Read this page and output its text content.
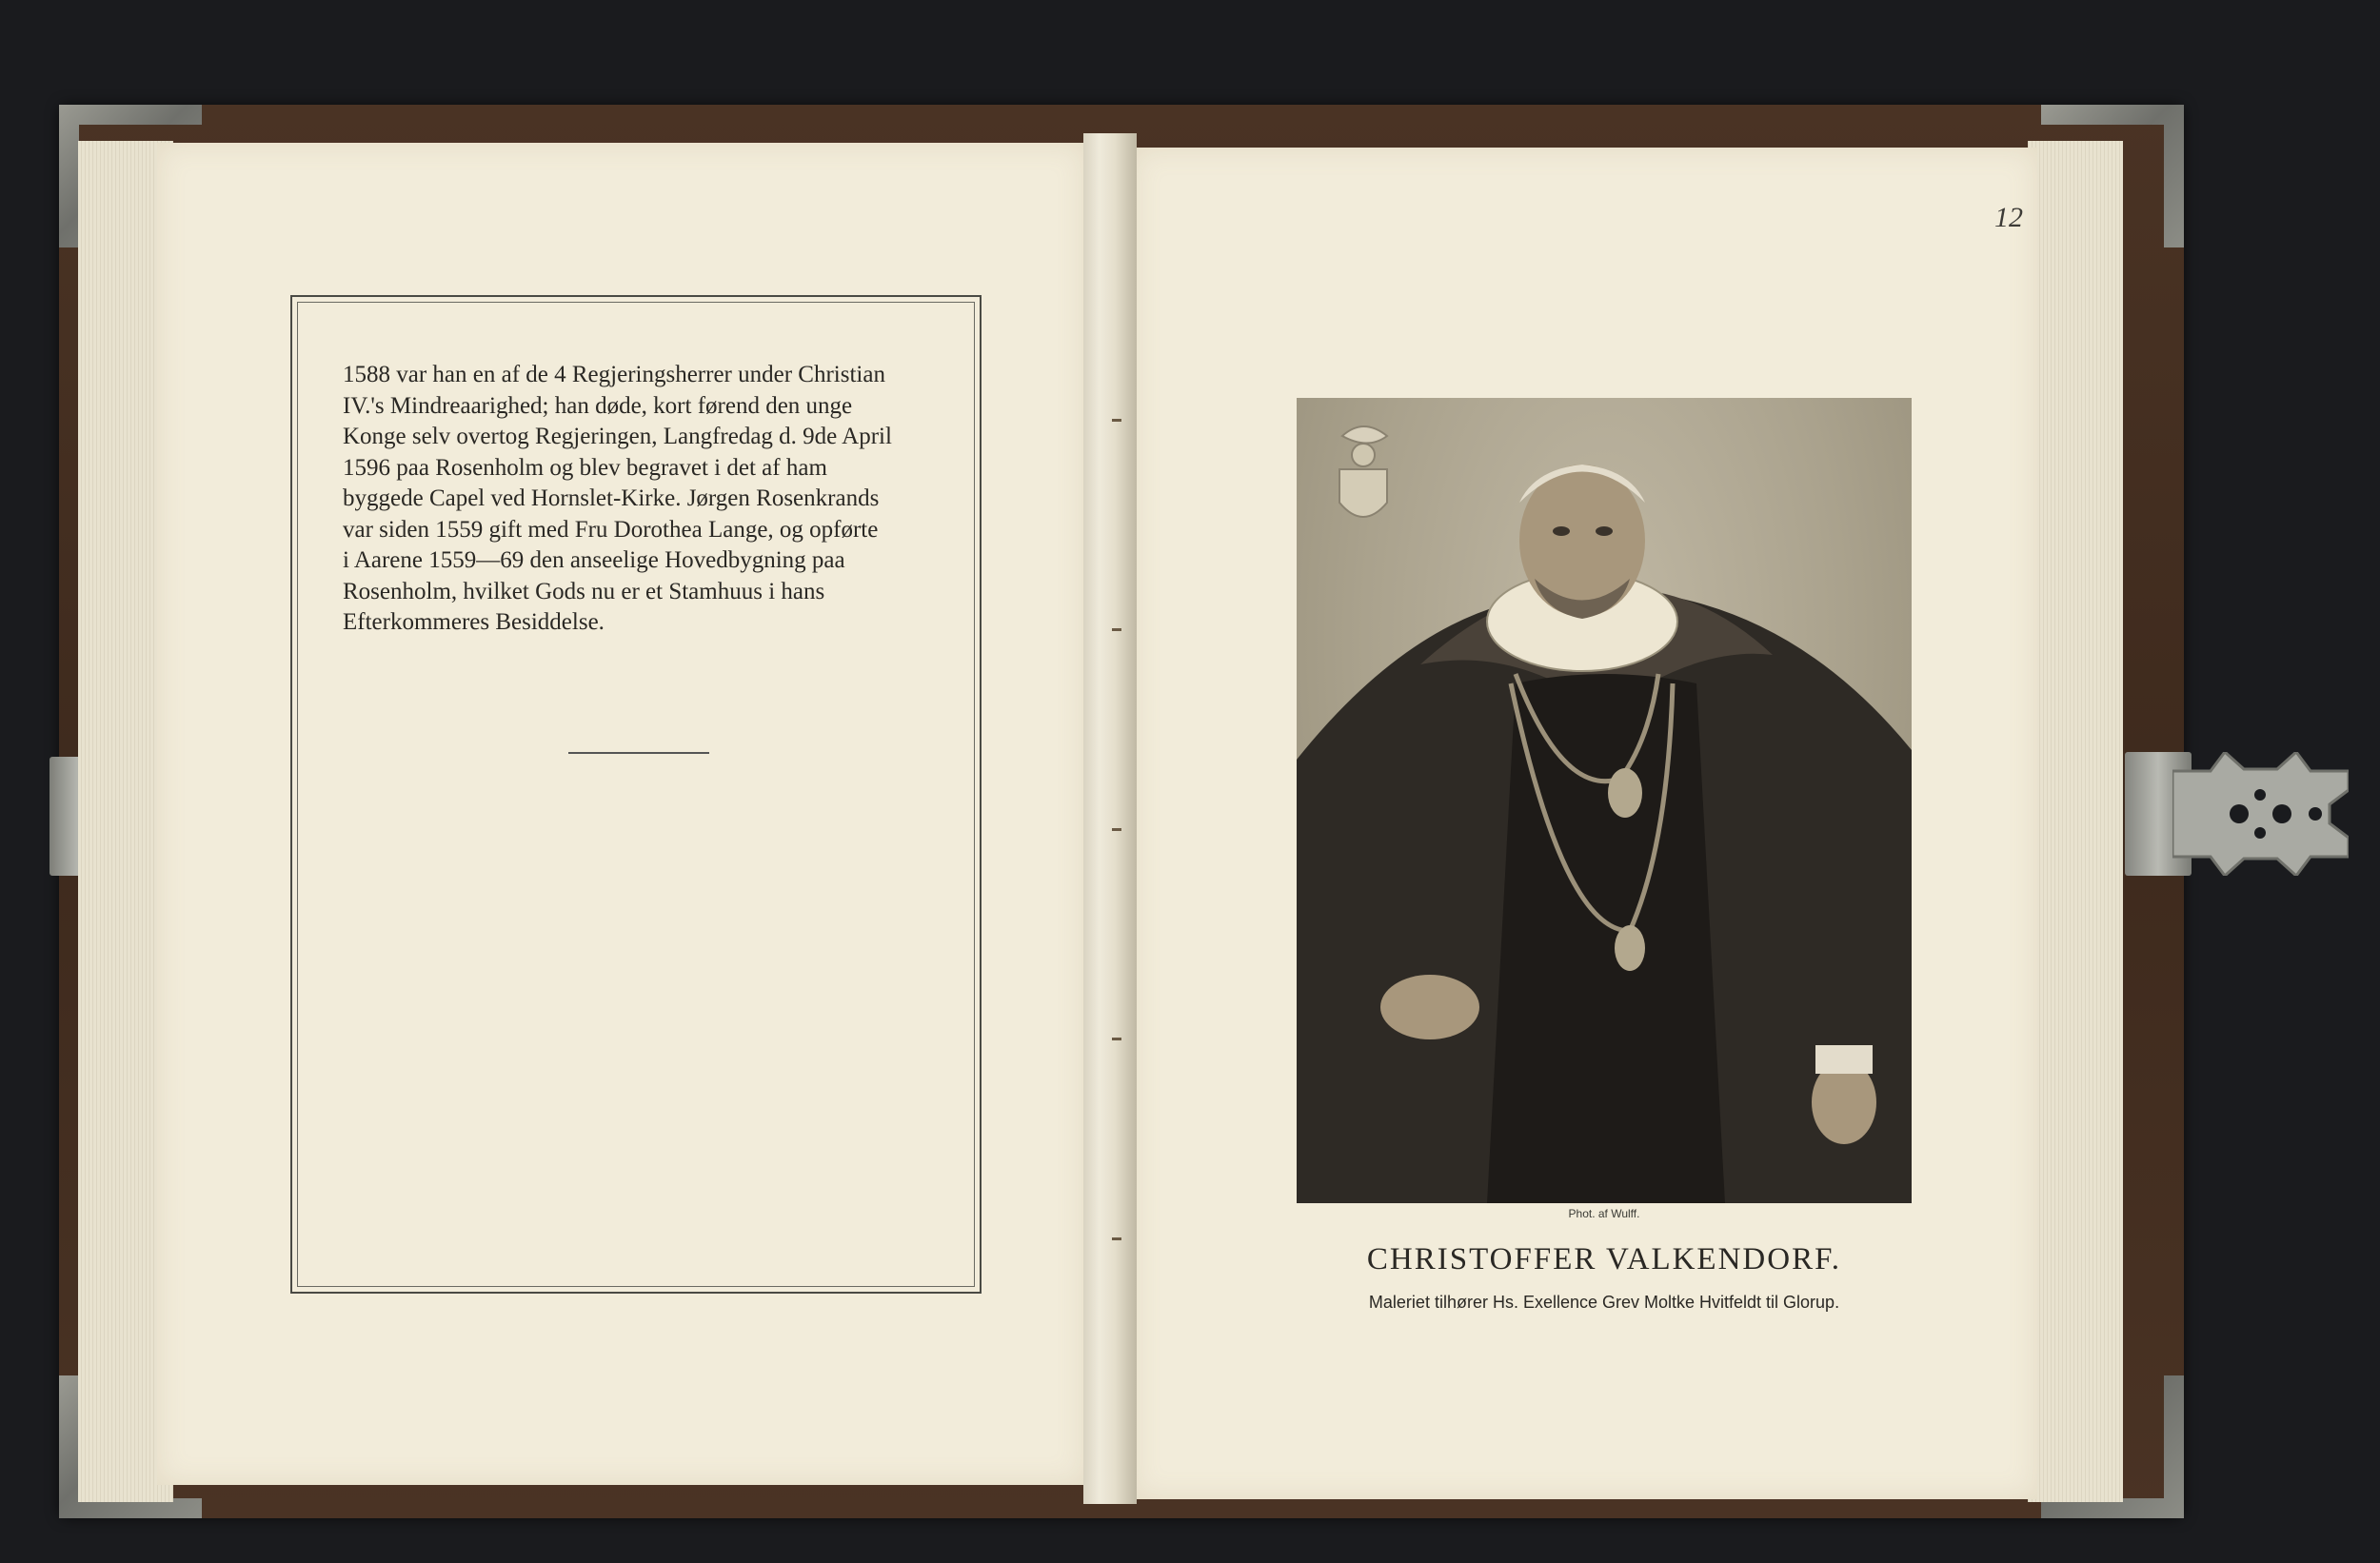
1588 var han en af de 4 Regjeringsherrer under Christian
IV.'s Mindreaarighed; han døde, kort førend den unge
Konge selv overtog Regjeringen, Langfredag d. 9de April
1596 paa Rosenholm og blev begravet i det af ham
byggede Capel ved Hornslet-Kirke. Jørgen Rosenkrands
var siden 1559 gift med Fru Dorothea Lange, og opførte
i Aarene 1559—69 den anseelige Hovedbygning paa
Rosenholm, hvilket Gods nu er et Stamhuus i hans
Efterkommeres Besiddelse.

12
Phot. af Wulff.
CHRISTOFFER VALKENDORF.
Maleriet tilhører Hs. Exellence Grev Moltke Hvitfeldt til Glorup.
